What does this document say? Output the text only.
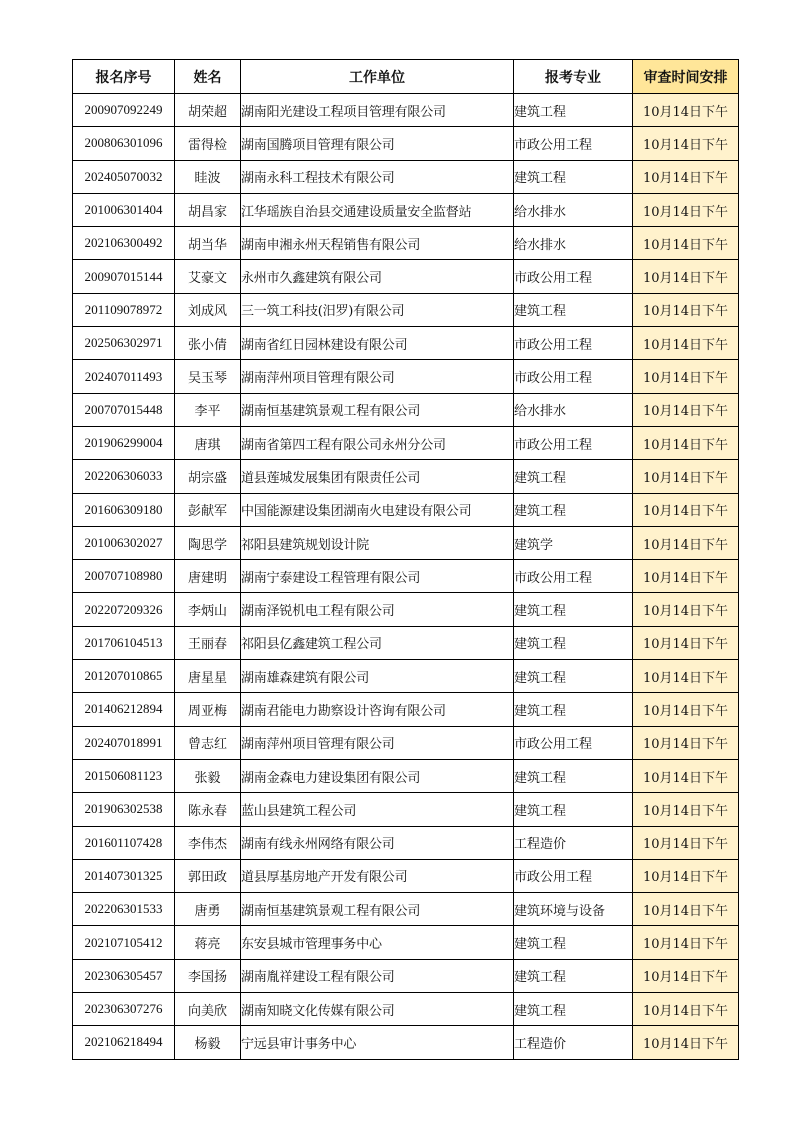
报名序号	姓名	工作单位	报考专业	审查时间安排
200907092249	胡荣超	湖南阳光建设工程项目管理有限公司	建筑工程	10月14日下午
200806301096	雷得检	湖南国腾项目管理有限公司	市政公用工程	10月14日下午
202405070032	眭波	湖南永科工程技术有限公司	建筑工程	10月14日下午
201006301404	胡昌家	江华瑶族自治县交通建设质量安全监督站	给水排水	10月14日下午
202106300492	胡当华	湖南申湘永州天程销售有限公司	给水排水	10月14日下午
200907015144	艾豪文	永州市久鑫建筑有限公司	市政公用工程	10月14日下午
201109078972	刘成风	三一筑工科技(汨罗)有限公司	建筑工程	10月14日下午
202506302971	张小倩	湖南省红日园林建设有限公司	市政公用工程	10月14日下午
202407011493	吴玉琴	湖南萍州项目管理有限公司	市政公用工程	10月14日下午
200707015448	李平	湖南恒基建筑景观工程有限公司	给水排水	10月14日下午
201906299004	唐琪	湖南省第四工程有限公司永州分公司	市政公用工程	10月14日下午
202206306033	胡宗盛	道县莲城发展集团有限责任公司	建筑工程	10月14日下午
201606309180	彭献军	中国能源建设集团湖南火电建设有限公司	建筑工程	10月14日下午
201006302027	陶思学	祁阳县建筑规划设计院	建筑学	10月14日下午
200707108980	唐建明	湖南宁泰建设工程管理有限公司	市政公用工程	10月14日下午
202207209326	李炳山	湖南泽锐机电工程有限公司	建筑工程	10月14日下午
201706104513	王丽春	祁阳县亿鑫建筑工程公司	建筑工程	10月14日下午
201207010865	唐星星	湖南雄森建筑有限公司	建筑工程	10月14日下午
201406212894	周亚梅	湖南君能电力勘察设计咨询有限公司	建筑工程	10月14日下午
202407018991	曾志红	湖南萍州项目管理有限公司	市政公用工程	10月14日下午
201506081123	张毅	湖南金森电力建设集团有限公司	建筑工程	10月14日下午
201906302538	陈永春	蓝山县建筑工程公司	建筑工程	10月14日下午
201601107428	李伟杰	湖南有线永州网络有限公司	工程造价	10月14日下午
201407301325	郭田政	道县厚基房地产开发有限公司	市政公用工程	10月14日下午
202206301533	唐勇	湖南恒基建筑景观工程有限公司	建筑环境与设备	10月14日下午
202107105412	蒋亮	东安县城市管理事务中心	建筑工程	10月14日下午
202306305457	李国扬	湖南胤祥建设工程有限公司	建筑工程	10月14日下午
202306307276	向美欣	湖南知晓文化传媒有限公司	建筑工程	10月14日下午
202106218494	杨毅	宁远县审计事务中心	工程造价	10月14日下午
